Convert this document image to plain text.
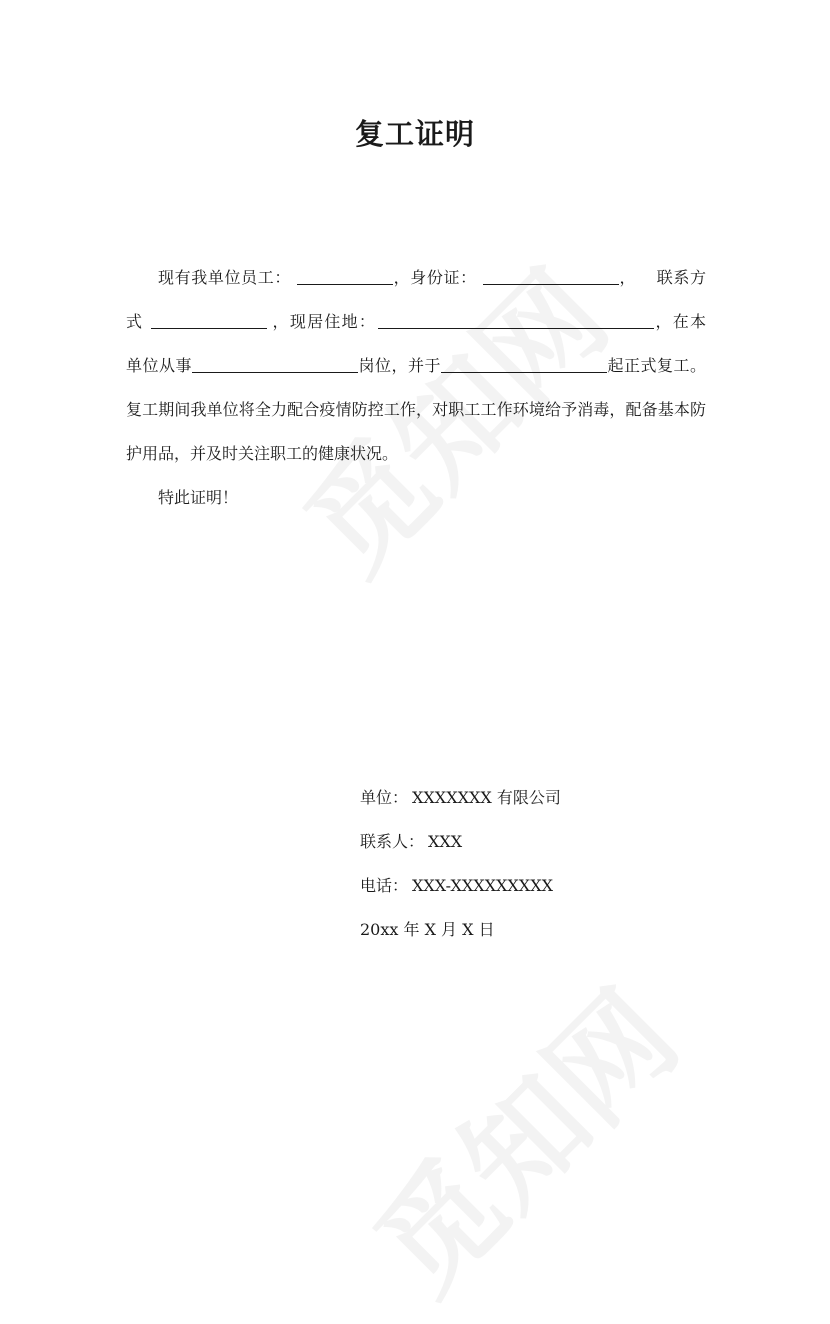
复工证明

现有我单位员工：	，身份证：	， 联系方式	，现居住地：	，在本单位从事	岗位，并于	起正式复工。复工期间我单位将全力配合疫情防控工作，对职工工作环境给予消毒，配备基本防护用品，并及时关注职工的健康状况。

特此证明！

单位： XXXXXXX 有限公司

联系人： XXX

电话： XXX-XXXXXXXXX

20xx 年 X 月 X 日
